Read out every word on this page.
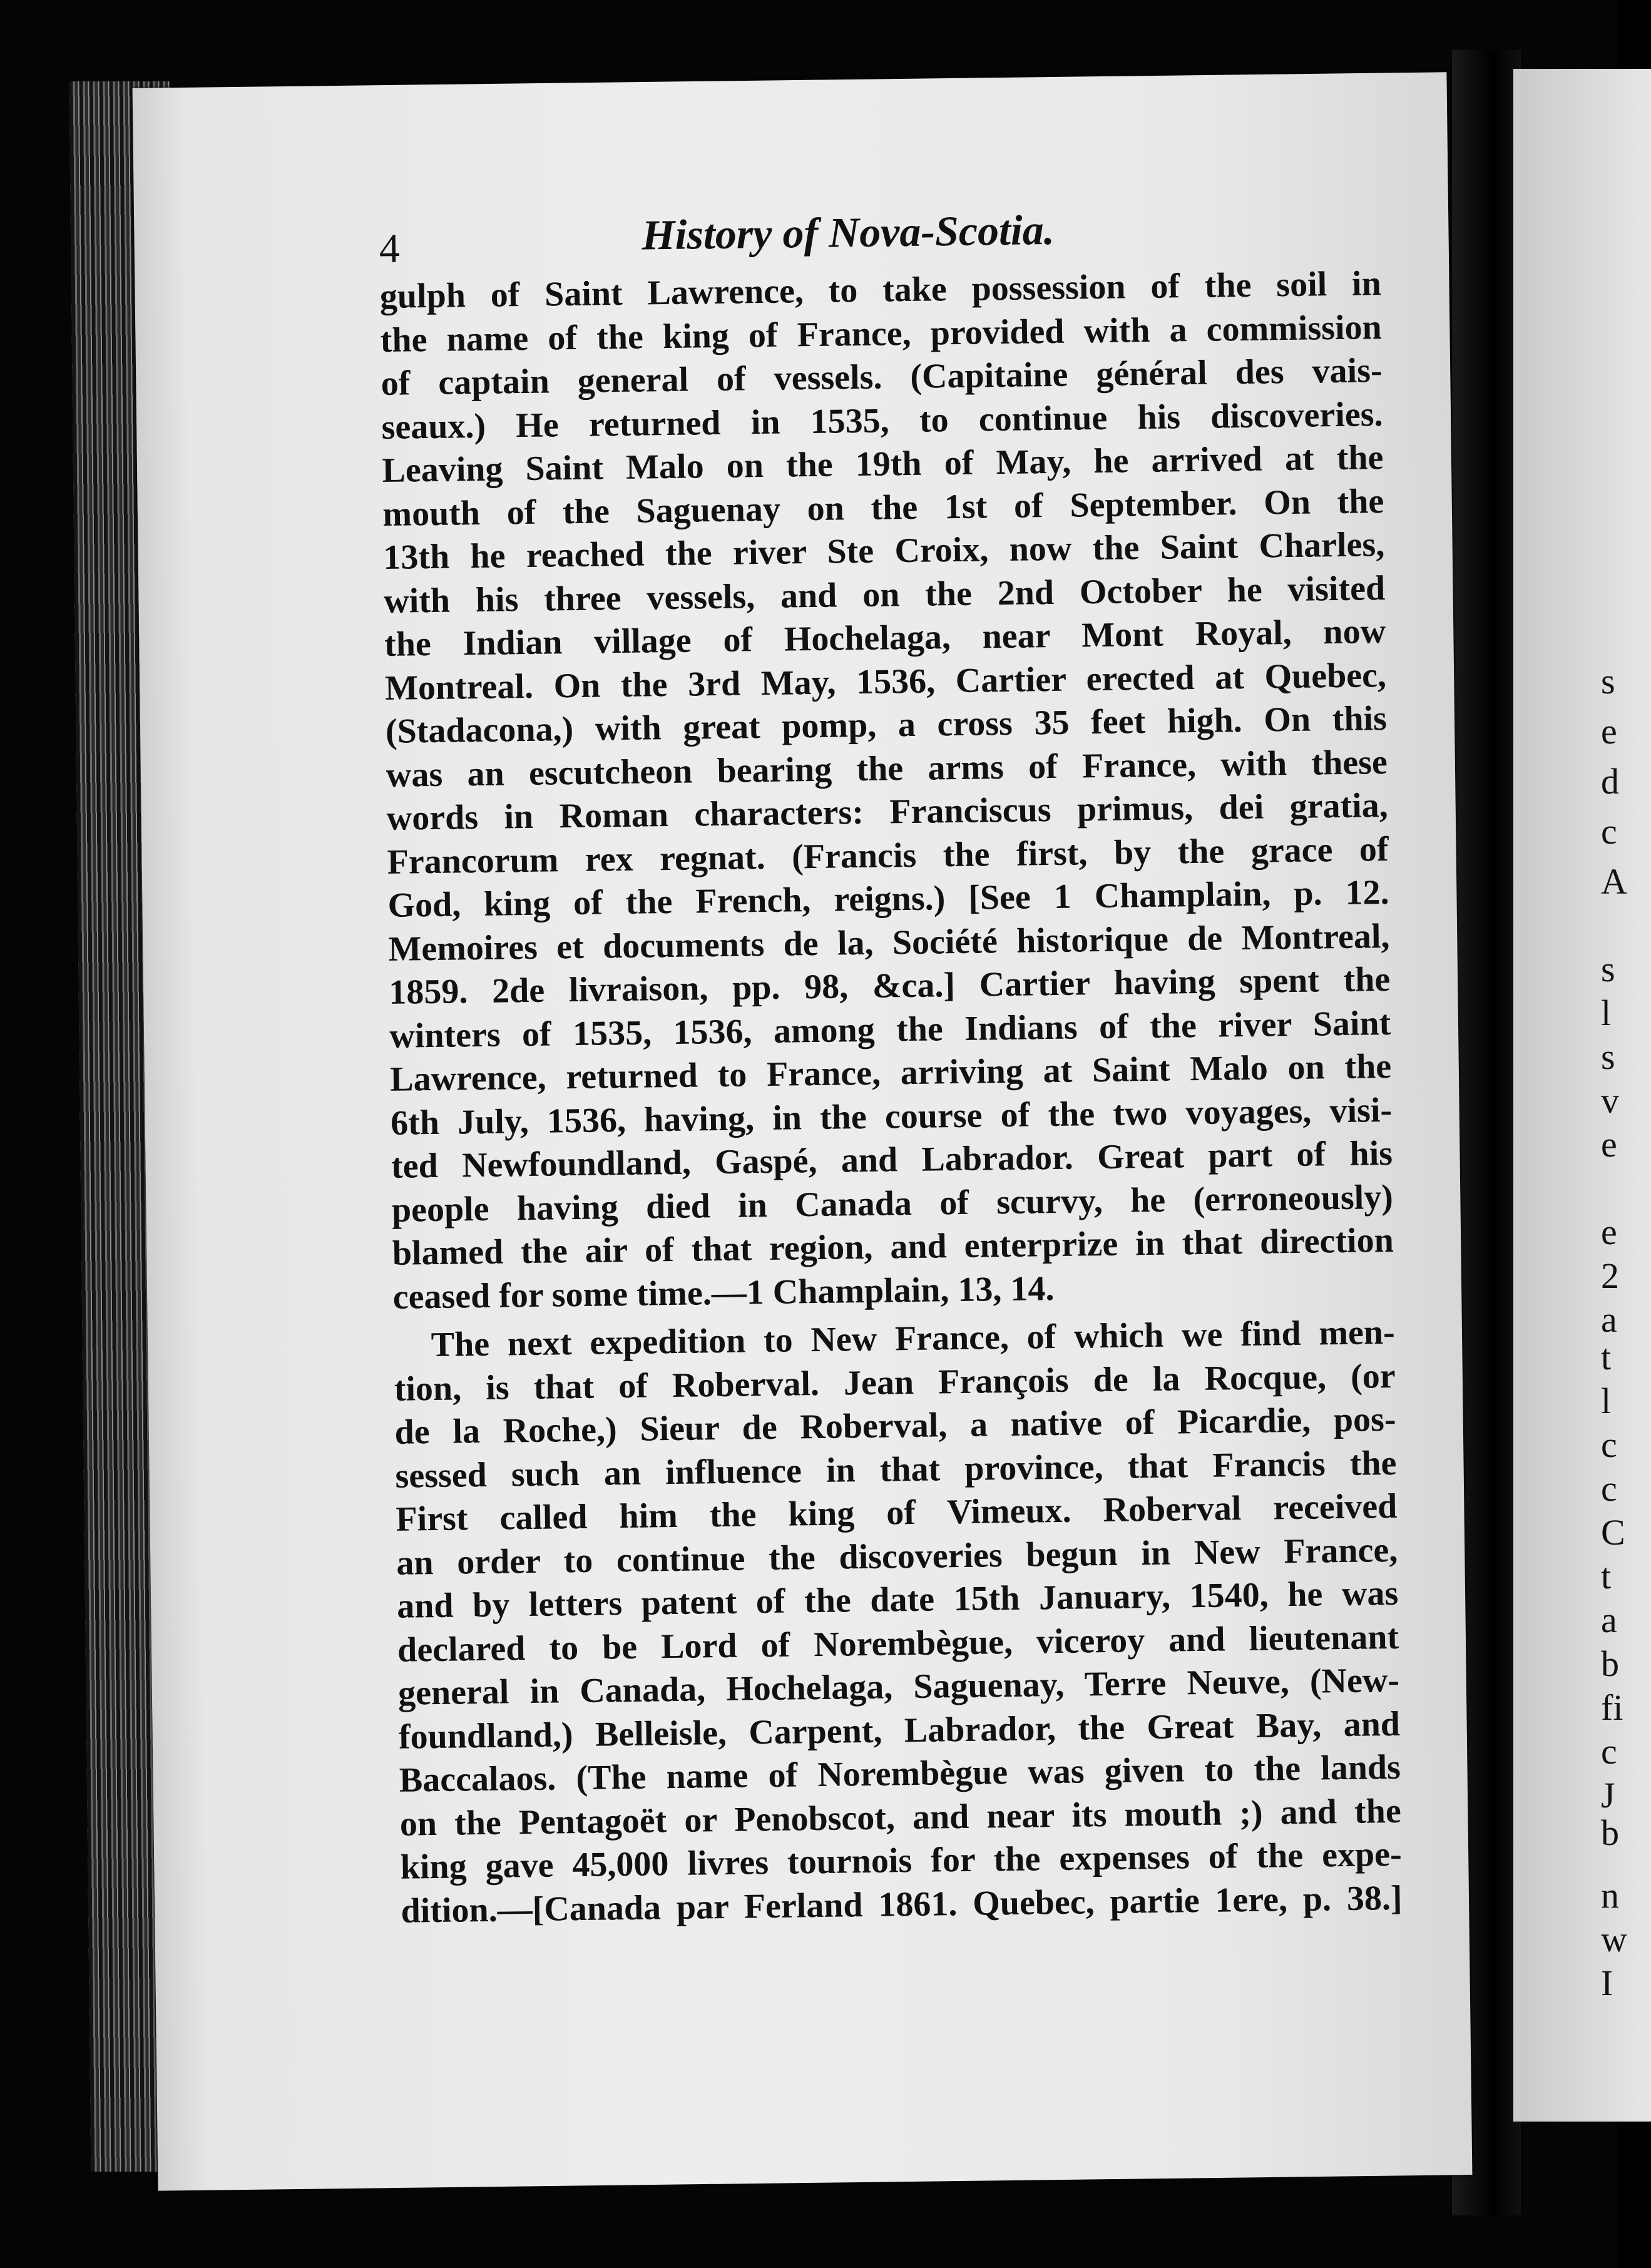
s
e
d
c
A
s
l
s
v
e
e
2
a
t
l
c
c
C
t
a
b
fi
c
J
b
n
w
I
4	History of Nova-Scotia.
gulph of Saint Lawrence, to take possession of the soil in
the name of the king of France, provided with a commission
of captain general of vessels. (Capitaine général des vais-
seaux.) He returned in 1535, to continue his discoveries.
Leaving Saint Malo on the 19th of May, he arrived at the
mouth of the Saguenay on the 1st of September. On the
13th he reached the river Ste Croix, now the Saint Charles,
with his three vessels, and on the 2nd October he visited
the Indian village of Hochelaga, near Mont Royal, now
Montreal. On the 3rd May, 1536, Cartier erected at Quebec,
(Stadacona,) with great pomp, a cross 35 feet high. On this
was an escutcheon bearing the arms of France, with these
words in Roman characters: Franciscus primus, dei gratia,
Francorum rex regnat. (Francis the first, by the grace of
God, king of the French, reigns.) [See 1 Champlain, p. 12.
Memoires et documents de la, Société historique de Montreal,
1859. 2de livraison, pp. 98, &ca.] Cartier having spent the
winters of 1535, 1536, among the Indians of the river Saint
Lawrence, returned to France, arriving at Saint Malo on the
6th July, 1536, having, in the course of the two voyages, visi-
ted Newfoundland, Gaspé, and Labrador. Great part of his
people having died in Canada of scurvy, he (erroneously)
blamed the air of that region, and enterprize in that direction
ceased for some time.—1 Champlain, 13, 14.
The next expedition to New France, of which we find men-
tion, is that of Roberval. Jean François de la Rocque, (or
de la Roche,) Sieur de Roberval, a native of Picardie, pos-
sessed such an influence in that province, that Francis the
First called him the king of Vimeux. Roberval received
an order to continue the discoveries begun in New France,
and by letters patent of the date 15th January, 1540, he was
declared to be Lord of Norembègue, viceroy and lieutenant
general in Canada, Hochelaga, Saguenay, Terre Neuve, (New-
foundland,) Belleisle, Carpent, Labrador, the Great Bay, and
Baccalaos. (The name of Norembègue was given to the lands
on the Pentagoët or Penobscot, and near its mouth ;) and the
king gave 45,000 livres tournois for the expenses of the expe-
dition.—[Canada par Ferland 1861. Quebec, partie 1ere, p. 38.]
